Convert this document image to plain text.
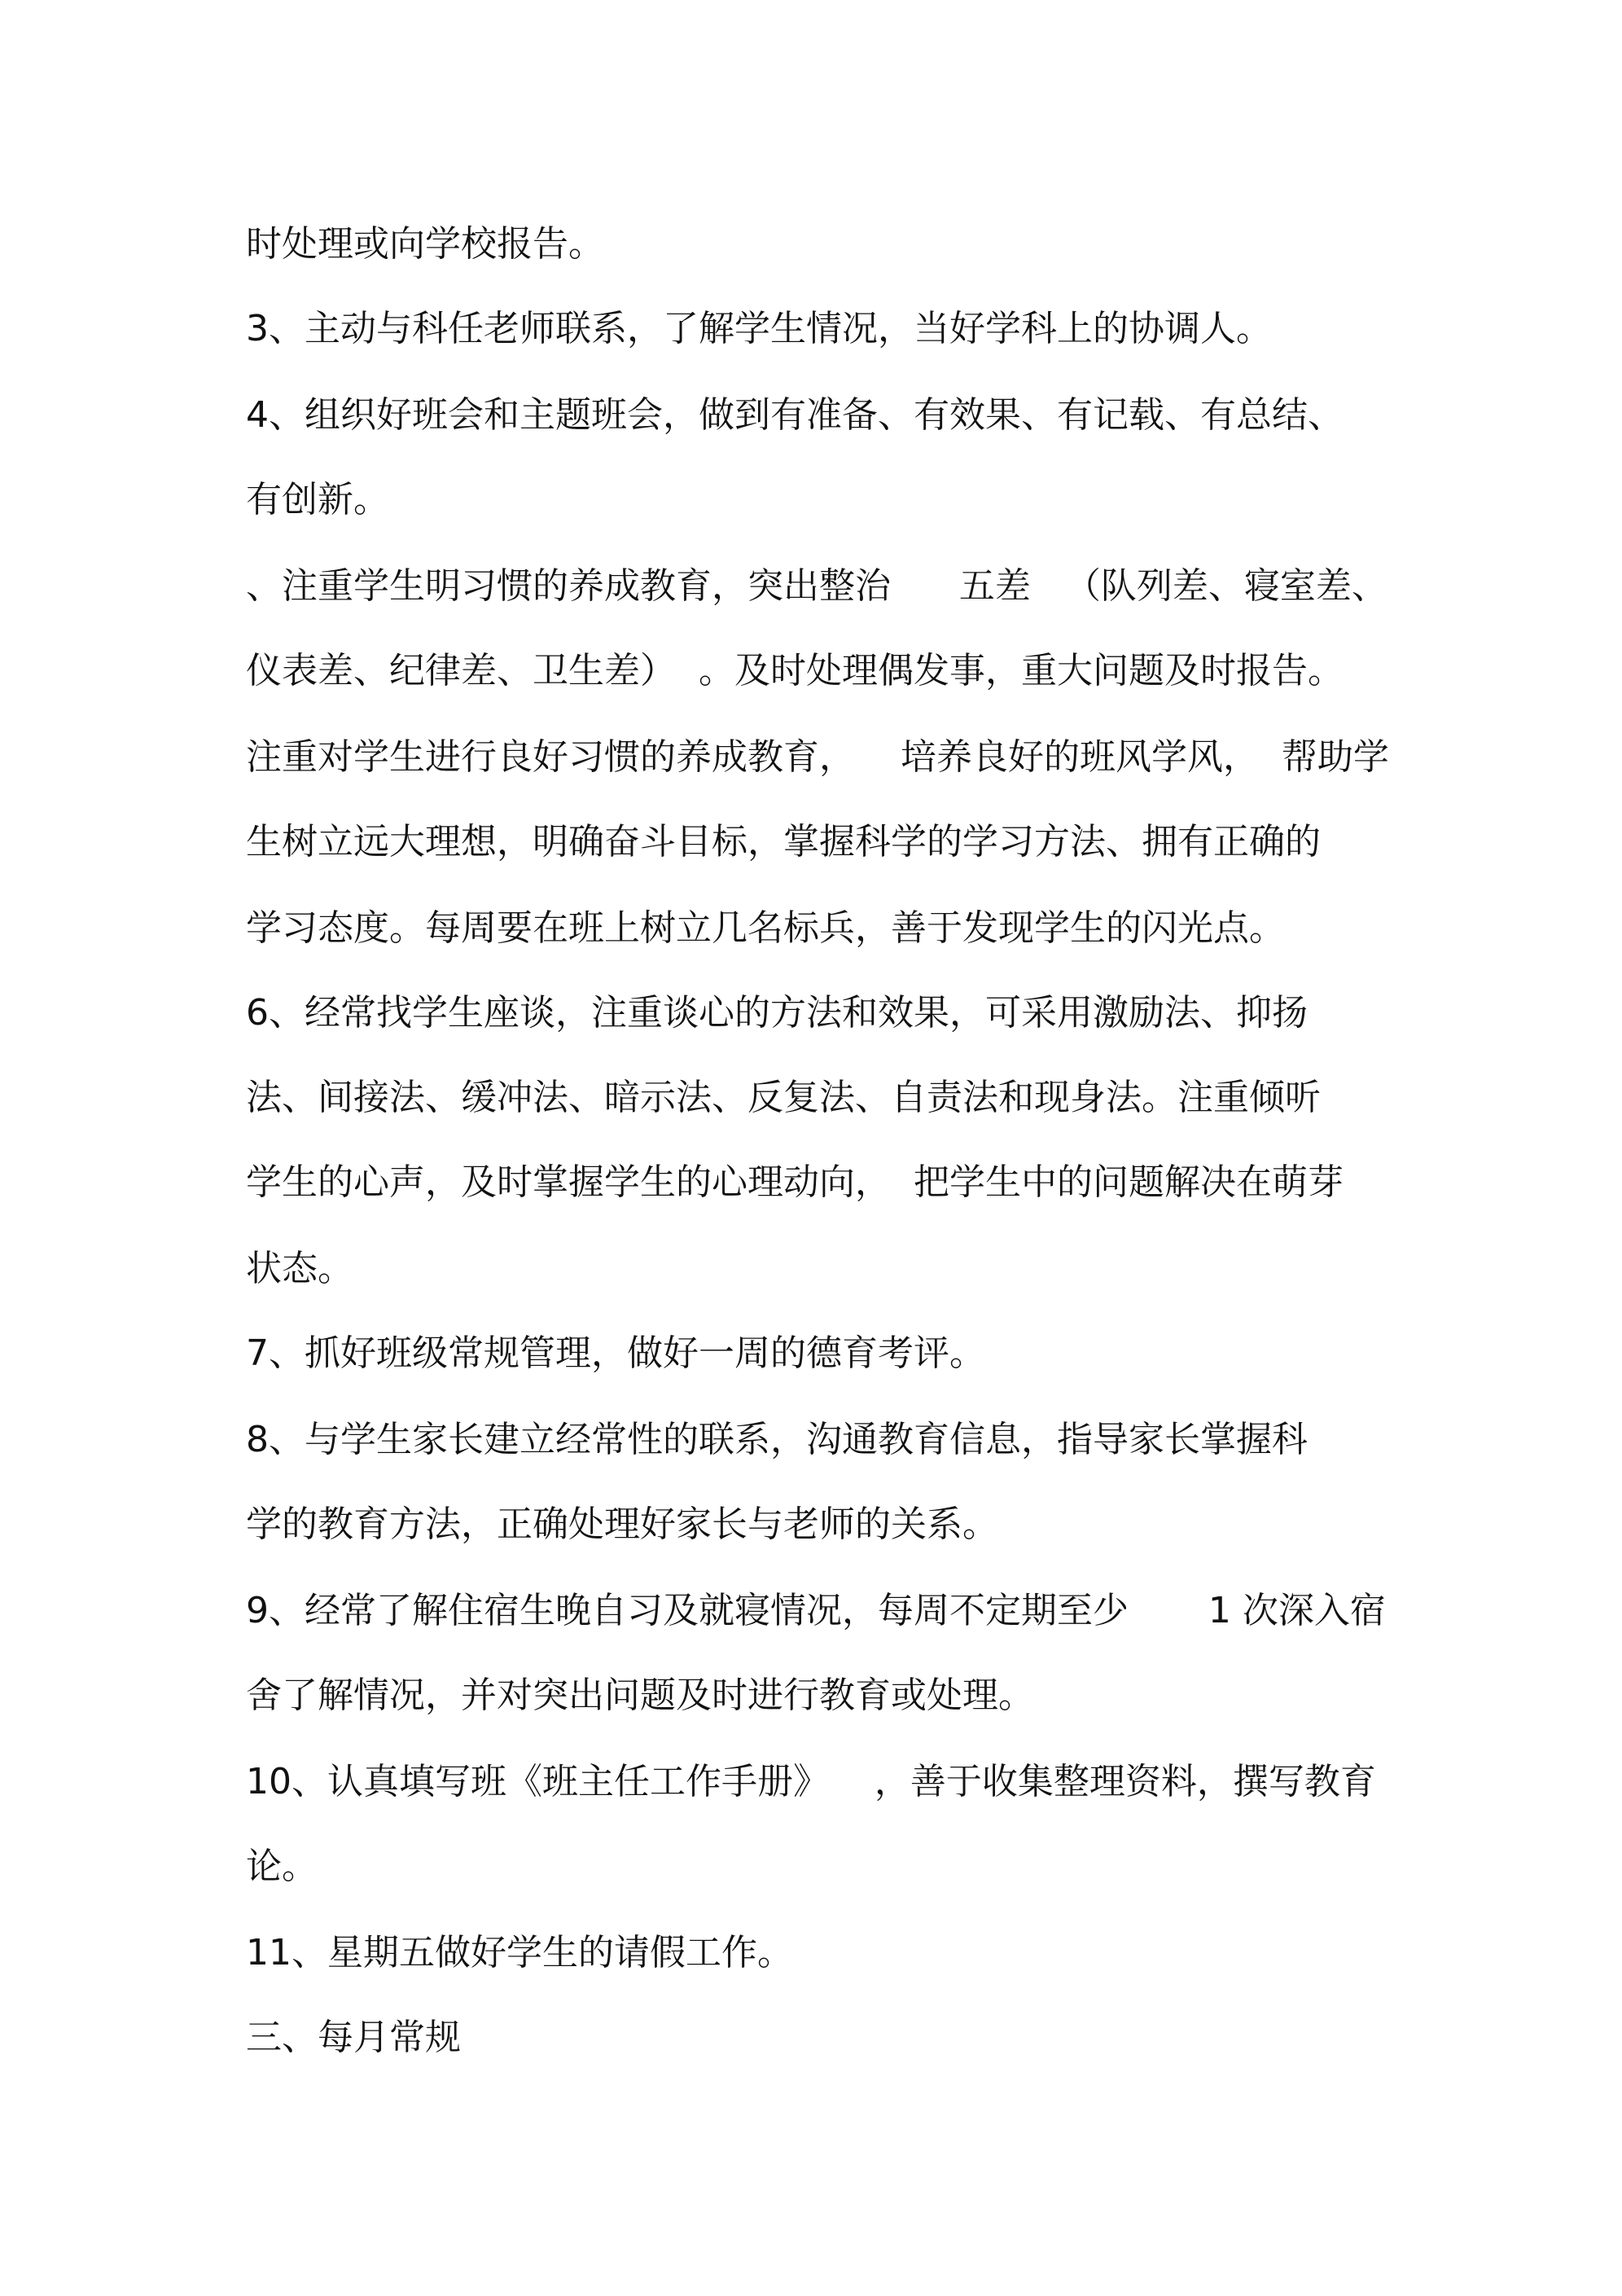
时处理或向学校报告。
3、主动与科任老师联系，了解学生情况，当好学科上的协调人。
4、组织好班会和主题班会，做到有准备、有效果、有记载、有总结、
有创新。
、注重学生明习惯的养成教育，突出整治      五差   （队列差、寝室差、
仪表差、纪律差、卫生差）  。及时处理偶发事，重大问题及时报告。
注重对学生进行良好习惯的养成教育，    培养良好的班风学风，  帮助学
生树立远大理想，明确奋斗目标，掌握科学的学习方法、拥有正确的
学习态度。每周要在班上树立几名标兵，善于发现学生的闪光点。
6、经常找学生座谈，注重谈心的方法和效果，可采用激励法、抑扬
法、间接法、缓冲法、暗示法、反复法、自责法和现身法。注重倾听
学生的心声，及时掌握学生的心理动向，  把学生中的问题解决在萌芽
状态。
7、抓好班级常规管理，做好一周的德育考评。
8、与学生家长建立经常性的联系，沟通教育信息，指导家长掌握科
学的教育方法，正确处理好家长与老师的关系。
9、经常了解住宿生晚自习及就寝情况，每周不定期至少       1 次深入宿
舍了解情况，并对突出问题及时进行教育或处理。
10、认真填写班《班主任工作手册》    ，善于收集整理资料，撰写教育
论。
11、星期五做好学生的请假工作。
三、每月常规
